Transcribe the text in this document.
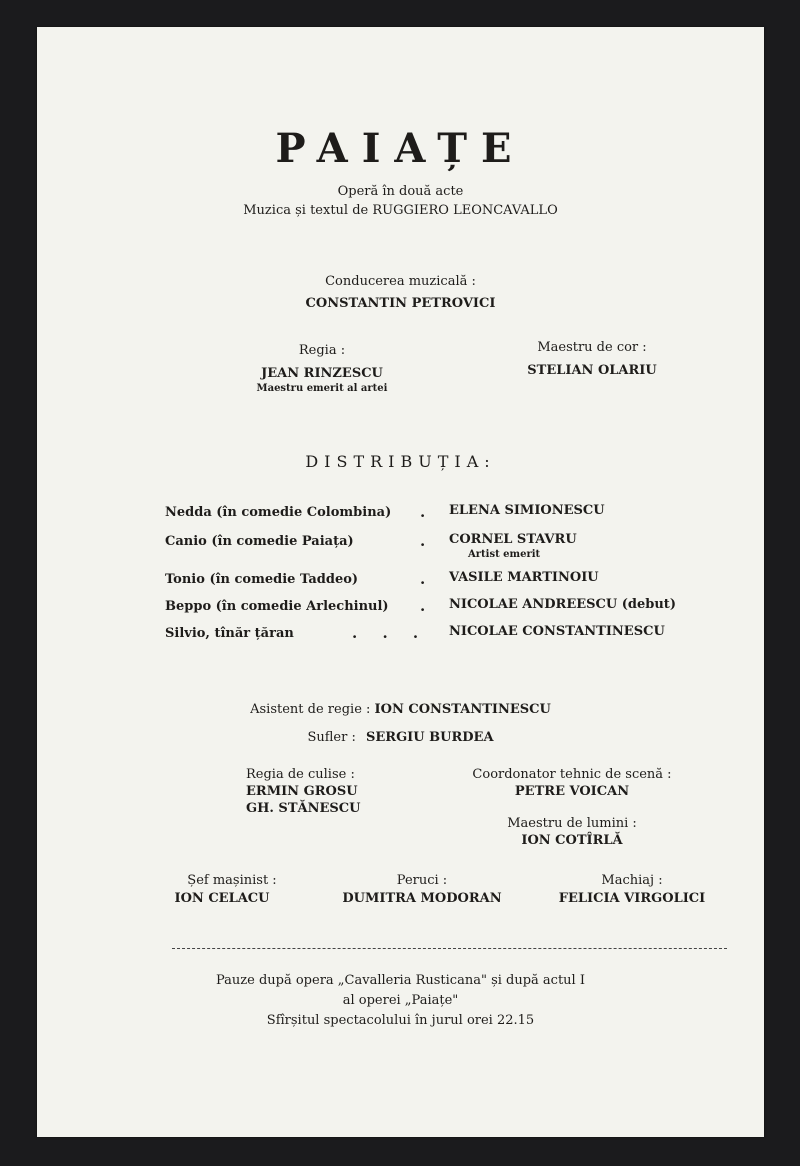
PAIAȚE
Operă în două acte
Muzica și textul de RUGGIERO LEONCAVALLO
Conducerea muzicală :
CONSTANTIN PETROVICI
Regia :
JEAN RINZESCU
Maestru emerit al artei
Maestru de cor :
STELIAN OLARIU
DISTRIBUȚIA:
Nedda (în comedie Colombina) . ELENA SIMIONESCU
Canio (în comedie Paiața)	. CORNEL STAVRU
Artist emerit
Tonio (în comedie Taddeo)	. VASILE MARTINOIU
Beppo (în comedie Arlechinul) . NICOLAE ANDREESCU (debut)
Silvio, tînăr țăran	. . . NICOLAE CONSTANTINESCU
Asistent de regie : ION CONSTANTINESCU
Sufler : SERGIU BURDEA
Regia de culise :
ERMIN GROSU
GH. STĂNESCU
Coordonator tehnic de scenă :
PETRE VOICAN
Maestru de lumini :
ION COTÎRLĂ
Șef mașinist :
ION CELACU
Peruci :
DUMITRA MODORAN
Machiaj :
FELICIA VIRGOLICI
Pauze după opera „Cavalleria Rusticana" și după actul I
al operei „Paiațe"
Sfîrșitul spectacolului în jurul orei 22.15
